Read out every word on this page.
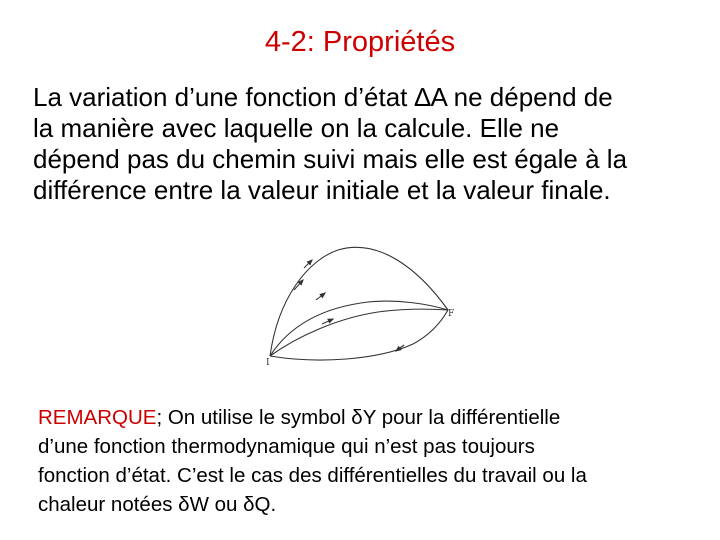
4-2: Propriétés
La variation d’une fonction d’état ∆A ne dépend de
la manière avec laquelle on la calcule. Elle ne
dépend pas du chemin suivi mais elle est égale à la
différence entre la valeur initiale et la valeur finale.
I
F
REMARQUE; On utilise le symbol δY pour la différentielle
d’une fonction thermodynamique qui n’est pas toujours
fonction d’état. C’est le cas des différentielles du travail ou la
chaleur notées δW ou δQ.
